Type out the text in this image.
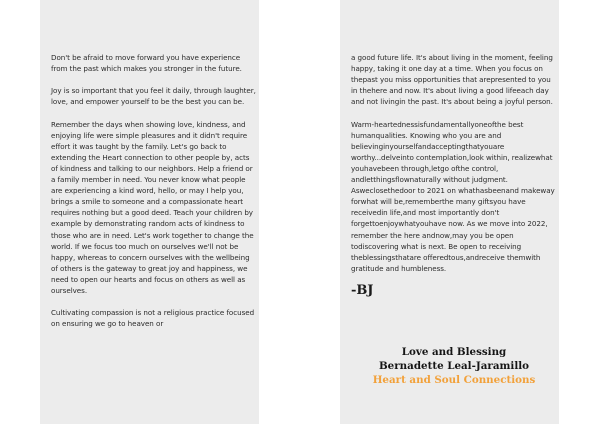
Don't be afraid to move forward you have experience from the past which makes you stronger in the future.

Joy is so important that you feel it daily, through laughter, love, and empower yourself to be the best you can be.

Remember the days when showing love, kindness, and enjoying life were simple pleasures and it didn't require effort it was taught by the family. Let's go back to extending the Heart connection to other people by, acts of kindness and talking to our neighbors. Help a friend or a family member in need. You never know what people are experiencing a kind word, hello, or may I help you, brings a smile to someone and a compassionate heart requires nothing but a good deed. Teach your children by example by demonstrating random acts of kindness to those who are in need. Let's work together to change the world. If we focus too much on ourselves we'll not be happy, whereas to concern ourselves with the wellbeing of others is the gateway to great joy and happiness, we need to open our hearts and focus on others as well as ourselves.

Cultivating compassion is not a religious practice focused on ensuring we go to heaven or

a good future life. It's about living in the moment, feeling happy, taking it one day at a time. When you focus on thepast you miss opportunities that arepresented to you in thehere and now. It's about living a good lifeeach day and not livingin the past. It's about being a joyful person.

Warm-heartednessisfundamentallyoneofthe best humanqualities. Knowing who you are and believinginyourselfandacceptingthatyouare worthy...delveinto contemplation,look within, realizewhat youhavebeen through,letgo ofthe control, andletthingsflownaturally without judgment. Asweclosethedoor to 2021 on whathasbeenand makeway forwhat will be,rememberthe many giftsyou have receivedin life,and most importantly don't forgettoenjoywhatyouhave now. As we move into 2022, remember the here andnow,may you be open todiscovering what is next. Be open to receiving theblessingsthatare offeredtous,andreceive themwith gratitude and humbleness.

-BJ
Love and Blessing
Bernadette Leal-Jaramillo
Heart and Soul Connections
